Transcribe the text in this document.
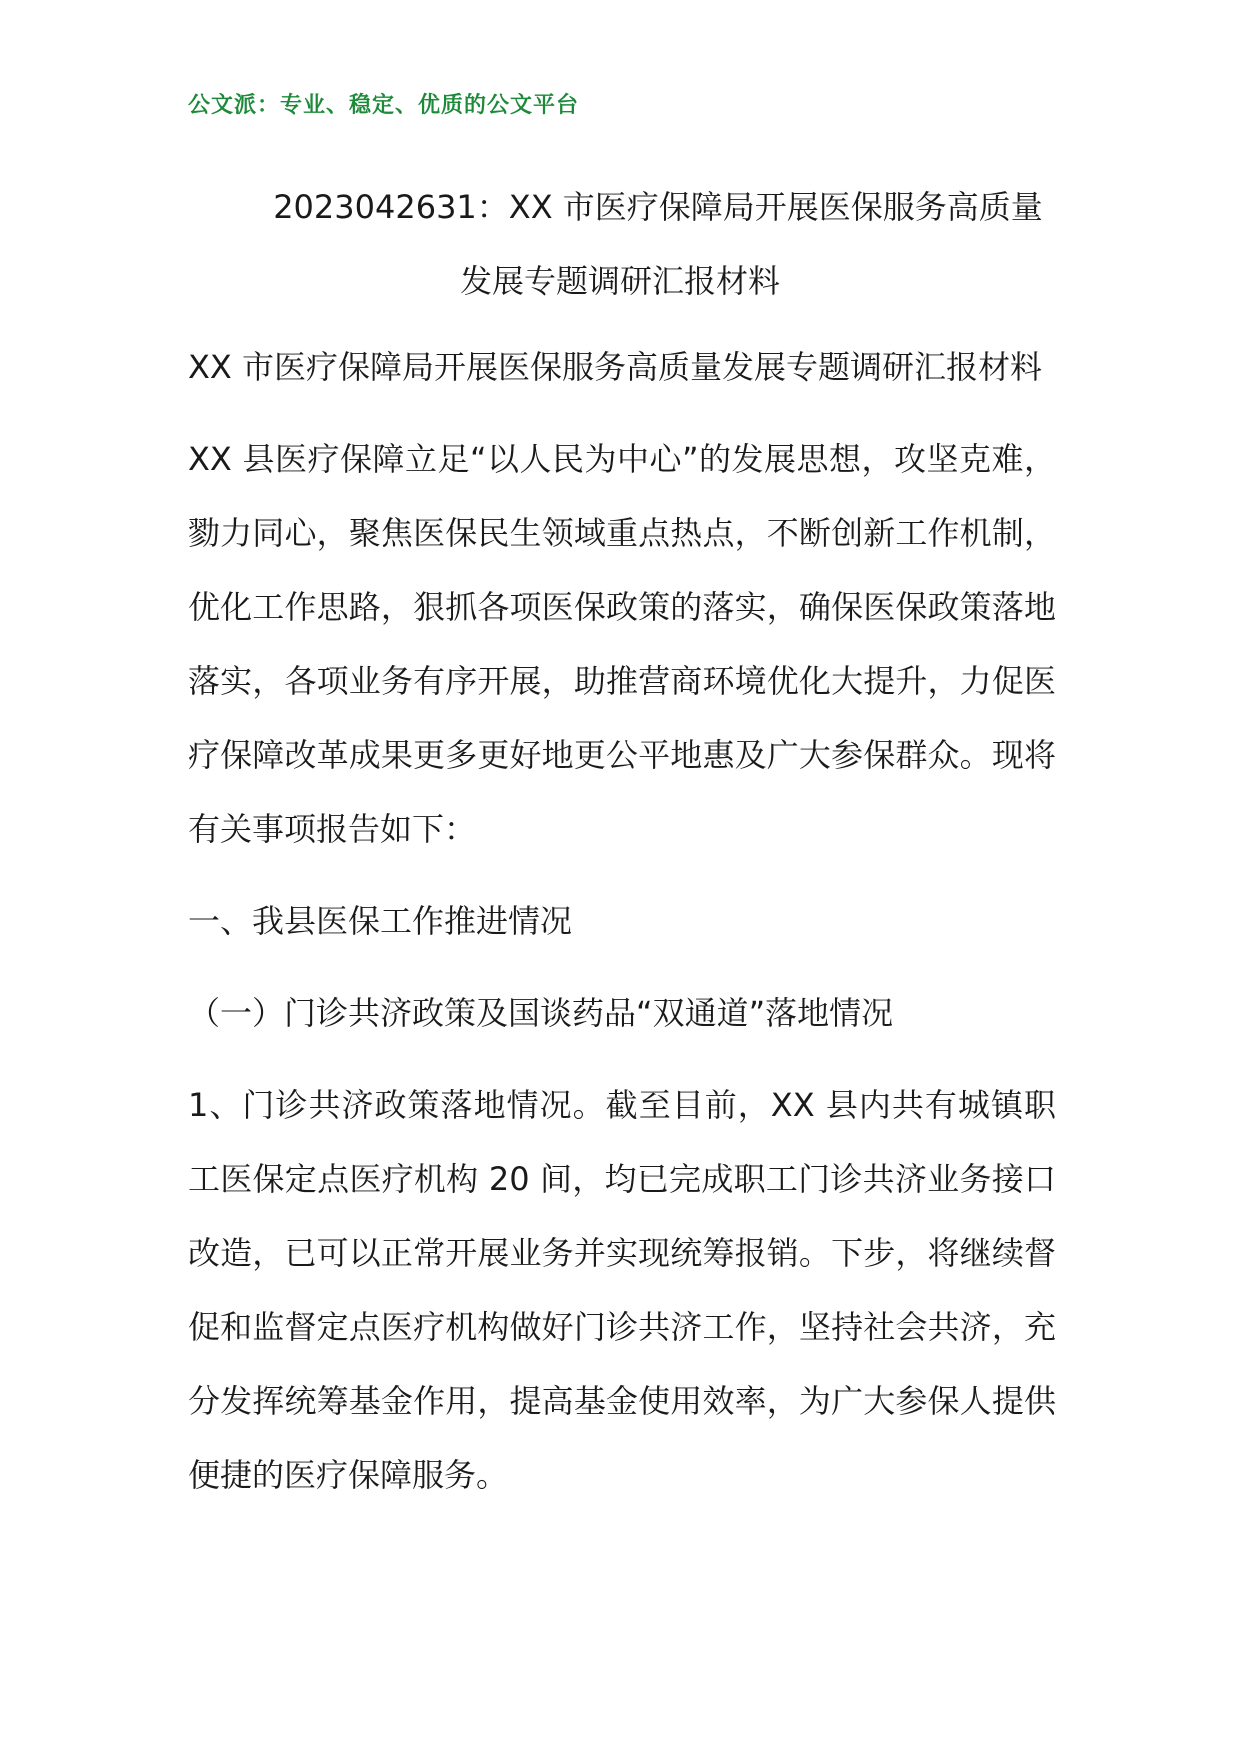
公文派：专业、稳定、优质的公文平台
2023042631：XX 市医疗保障局开展医保服务高质量发展专题调研汇报材料

XX 市医疗保障局开展医保服务高质量发展专题调研汇报材料

XX 县医疗保障立足“以人民为中心”的发展思想，攻坚克难，勠力同心，聚焦医保民生领域重点热点，不断创新工作机制，优化工作思路，狠抓各项医保政策的落实，确保医保政策落地落实，各项业务有序开展，助推营商环境优化大提升，力促医疗保障改革成果更多更好地更公平地惠及广大参保群众。现将有关事项报告如下：

一、我县医保工作推进情况

（一）门诊共济政策及国谈药品“双通道”落地情况

1、门诊共济政策落地情况。截至目前，XX 县内共有城镇职工医保定点医疗机构 20 间，均已完成职工门诊共济业务接口改造，已可以正常开展业务并实现统筹报销。下步，将继续督促和监督定点医疗机构做好门诊共济工作，坚持社会共济，充分发挥统筹基金作用，提高基金使用效率，为广大参保人提供便捷的医疗保障服务。
